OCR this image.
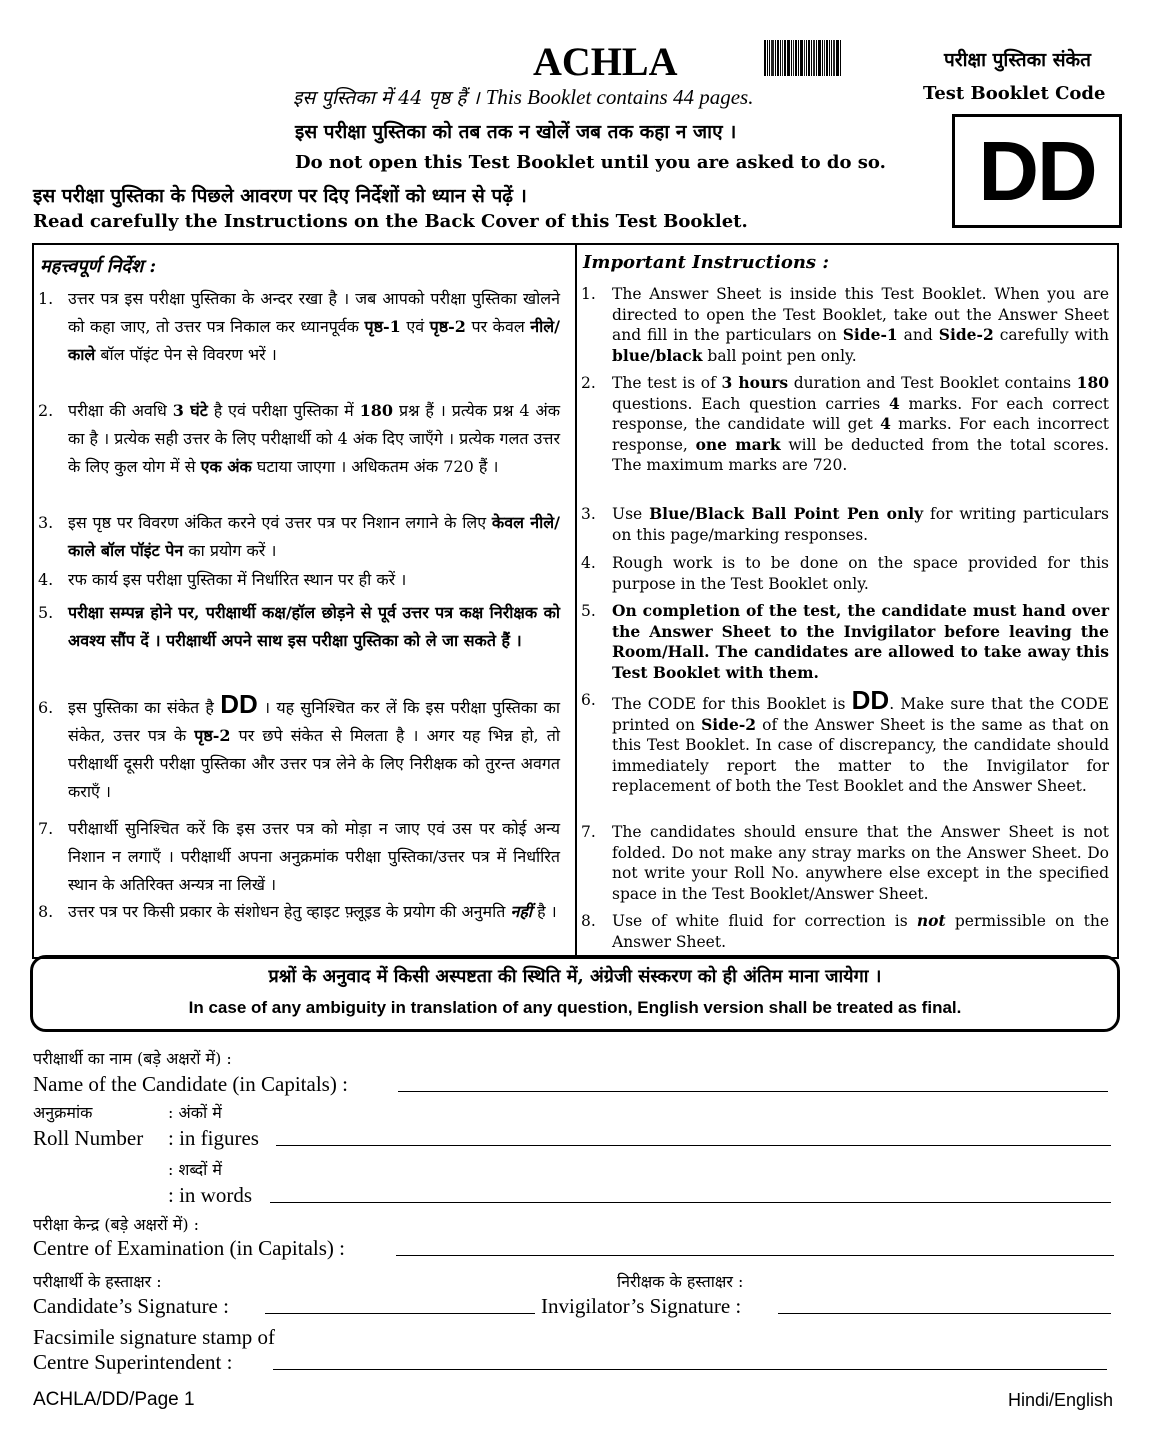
ACHLA
इस पुस्तिका में 44 पृष्ठ हैं । This Booklet contains 44 pages.
परीक्षा पुस्तिका संकेत
Test Booklet Code
DD
इस परीक्षा पुस्तिका को तब तक न खोलें जब तक कहा न जाए ।
Do not open this Test Booklet until you are asked to do so.
इस परीक्षा पुस्तिका के पिछले आवरण पर दिए निर्देशों को ध्यान से पढ़ें ।
Read carefully the Instructions on the Back Cover of this Test Booklet.
महत्त्वपूर्ण निर्देश :	Important Instructions :
1. उत्तर पत्र इस परीक्षा पुस्तिका के अन्दर रखा है । जब आपको परीक्षा पुस्तिका खोलने को कहा जाए, तो उत्तर पत्र निकाल कर ध्यानपूर्वक पृष्ठ-1 एवं पृष्ठ-2 पर केवल नीले/काले बॉल पॉइंट पेन से विवरण भरें ।
2. परीक्षा की अवधि 3 घंटे है एवं परीक्षा पुस्तिका में 180 प्रश्न हैं । प्रत्येक प्रश्न 4 अंक का है । प्रत्येक सही उत्तर के लिए परीक्षार्थी को 4 अंक दिए जाएँगे । प्रत्येक गलत उत्तर के लिए कुल योग में से एक अंक घटाया जाएगा । अधिकतम अंक 720 हैं ।
3. इस पृष्ठ पर विवरण अंकित करने एवं उत्तर पत्र पर निशान लगाने के लिए केवल नीले/काले बॉल पॉइंट पेन का प्रयोग करें ।
4. रफ कार्य इस परीक्षा पुस्तिका में निर्धारित स्थान पर ही करें ।
5. परीक्षा सम्पन्न होने पर, परीक्षार्थी कक्ष/हॉल छोड़ने से पूर्व उत्तर पत्र कक्ष निरीक्षक को अवश्य सौंप दें । परीक्षार्थी अपने साथ इस परीक्षा पुस्तिका को ले जा सकते हैं ।
6. इस पुस्तिका का संकेत है DD । यह सुनिश्चित कर लें कि इस परीक्षा पुस्तिका का संकेत, उत्तर पत्र के पृष्ठ-2 पर छपे संकेत से मिलता है । अगर यह भिन्न हो, तो परीक्षार्थी दूसरी परीक्षा पुस्तिका और उत्तर पत्र लेने के लिए निरीक्षक को तुरन्त अवगत कराएँ ।
7. परीक्षार्थी सुनिश्चित करें कि इस उत्तर पत्र को मोड़ा न जाए एवं उस पर कोई अन्य निशान न लगाएँ । परीक्षार्थी अपना अनुक्रमांक परीक्षा पुस्तिका/उत्तर पत्र में निर्धारित स्थान के अतिरिक्त अन्यत्र ना लिखें ।
8. उत्तर पत्र पर किसी प्रकार के संशोधन हेतु व्हाइट फ़्लूइड के प्रयोग की अनुमति नहीं है ।
1.	The Answer Sheet is inside this Test Booklet. When you are directed to open the Test Booklet, take out the Answer Sheet and fill in the particulars on Side-1 and Side-2 carefully with blue/black ball point pen only.
2.	The test is of 3 hours duration and Test Booklet contains 180 questions. Each question carries 4 marks. For each correct response, the candidate will get 4 marks. For each incorrect response, one mark will be deducted from the total scores. The maximum marks are 720.
3.	Use Blue/Black Ball Point Pen only for writing particulars on this page/marking responses.
4.	Rough work is to be done on the space provided for this purpose in the Test Booklet only.
5.	On completion of the test, the candidate must hand over the Answer Sheet to the Invigilator before leaving the Room/Hall. The candidates are allowed to take away this Test Booklet with them.
6.	The CODE for this Booklet is DD. Make sure that the CODE printed on Side-2 of the Answer Sheet is the same as that on this Test Booklet. In case of discrepancy, the candidate should immediately report the matter to the Invigilator for replacement of both the Test Booklet and the Answer Sheet.
7.	The candidates should ensure that the Answer Sheet is not folded. Do not make any stray marks on the Answer Sheet. Do not write your Roll No. anywhere else except in the specified space in the Test Booklet/Answer Sheet.
8.	Use of white fluid for correction is not permissible on the Answer Sheet.
प्रश्नों के अनुवाद में किसी अस्पष्टता की स्थिति में, अंग्रेजी संस्करण को ही अंतिम माना जायेगा ।
In case of any ambiguity in translation of any question, English version shall be treated as final.
परीक्षार्थी का नाम (बड़े अक्षरों में) :
Name of the Candidate (in Capitals) :
अनुक्रमांक	: अंकों में
Roll Number : in figures
: शब्दों में
: in words
परीक्षा केन्द्र (बड़े अक्षरों में) :
Centre of Examination (in Capitals) :
परीक्षार्थी के हस्ताक्षर :	निरीक्षक के हस्ताक्षर :
Candidate’s Signature :	Invigilator’s Signature :
Facsimile signature stamp of
Centre Superintendent :
ACHLA/DD/Page 1	Hindi/English
